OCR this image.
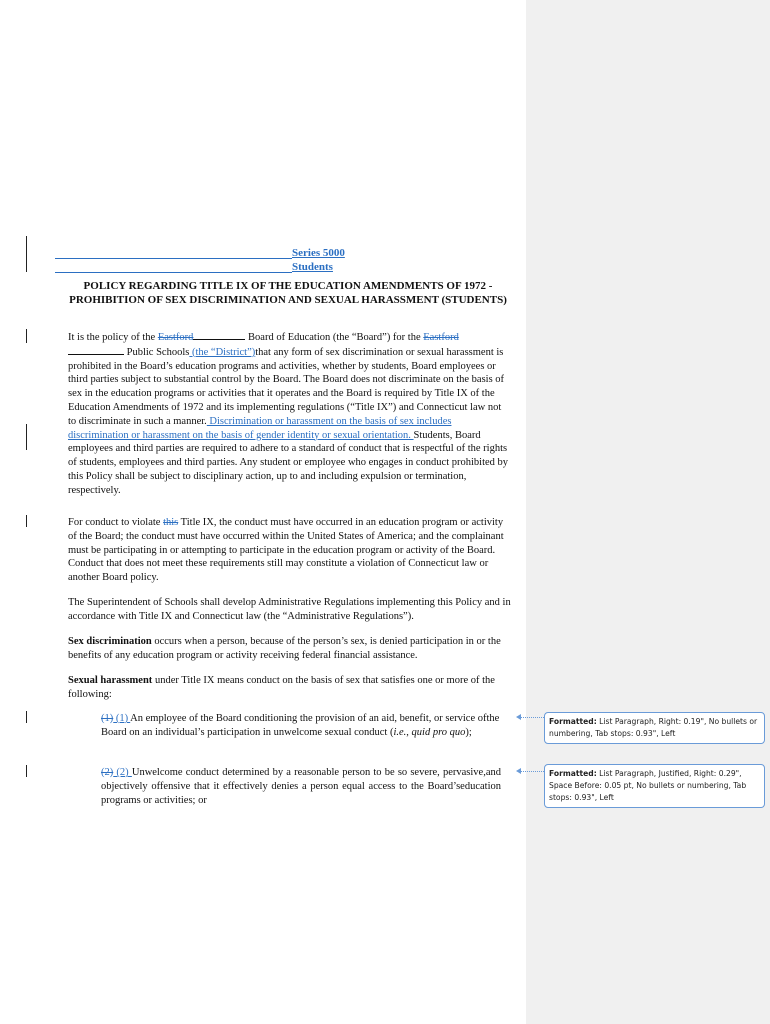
Series 5000
Students
POLICY REGARDING TITLE IX OF THE EDUCATION AMENDMENTS OF 1972 - PROHIBITION OF SEX DISCRIMINATION AND SEXUAL HARASSMENT (STUDENTS)
It is the policy of the Eastford	Board of Education (the “Board”) for the Eastford
Public Schools (the “District”)that any form of sex discrimination or sexual harassment is prohibited in the Board’s education programs and activities, whether by students, Board employees or third parties subject to substantial control by the Board. The Board does not discriminate on the basis of sex in the education programs or activities that it operates and the Board is required by Title IX of the
Education Amendments of 1972 and its implementing regulations (“Title IX”) and Connecticut law not to discriminate in such a manner. Discrimination or harassment on the basis of sex includes discrimination or harassment on the basis of gender identity or sexual orientation. Students, Board employees and third parties are required to adhere to a standard of conduct that is respectful of the rights of students, employees and third parties. Any student or employee who engages in conduct prohibited by this Policy shall be subject to disciplinary action, up to and including expulsion or termination, respectively.
For conduct to violate this Title IX, the conduct must have occurred in an education program or activity of the Board; the conduct must have occurred within the United States of America; and the complainant must be participating in or attempting to participate in the education program or activity of the Board. Conduct that does not meet these requirements still may constitute a violation of Connecticut law or another Board policy.
The Superintendent of Schools shall develop Administrative Regulations implementing this Policy and in accordance with Title IX and Connecticut law (the “Administrative Regulations”).
Sex discrimination occurs when a person, because of the person’s sex, is denied participation in or the benefits of any education program or activity receiving federal financial assistance.
Sexual harassment under Title IX means conduct on the basis of sex that satisfies one or more of the following:
(1) (1) An employee of the Board conditioning the provision of an aid, benefit, or service ofthe Board on an individual’s participation in unwelcome sexual conduct (i.e., quid pro quo);
(2) (2) Unwelcome conduct determined by a reasonable person to be so severe, pervasive,and objectively offensive that it effectively denies a person equal access to the Board’seducation programs or activities; or
Formatted: List Paragraph, Right: 0.19", No bullets or numbering, Tab stops: 0.93", Left
Formatted: List Paragraph, Justified, Right: 0.29", Space Before: 0.05 pt, No bullets or numbering, Tab stops: 0.93", Left
